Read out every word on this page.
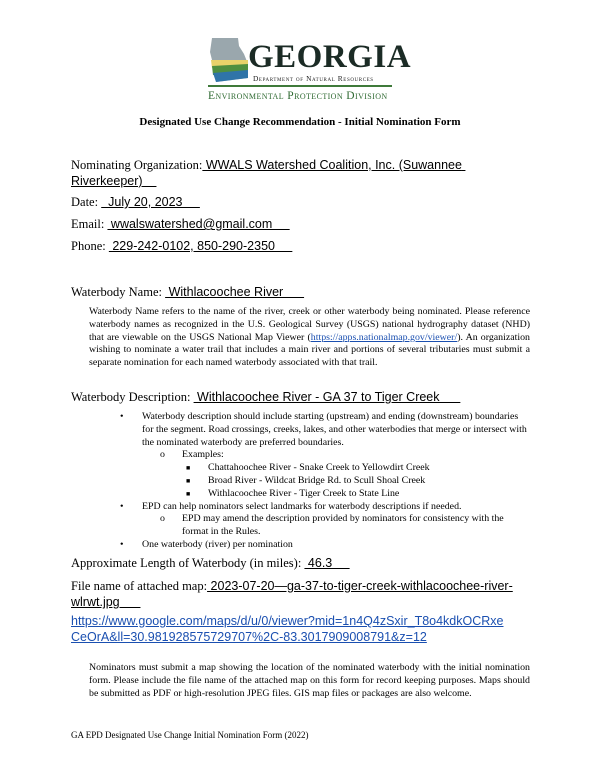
GEORGIA
Department of Natural Resources
Environmental Protection Division
Designated Use Change Recommendation - Initial Nomination Form
Nominating Organization: WWALS Watershed Coalition, Inc. (Suwannee Riverkeeper)
Date:   July 20, 2023
Email:  wwalswatershed@gmail.com
Phone:  229-242-0102, 850-290-2350
Waterbody Name:  Withlacoochee River
Waterbody Name refers to the name of the river, creek or other waterbody being nominated. Please reference waterbody names as recognized in the U.S. Geological Survey (USGS) national hydrography dataset (NHD) that are viewable on the USGS National Map Viewer (https://apps.nationalmap.gov/viewer/). An organization wishing to nominate a water trail that includes a main river and portions of several tributaries must submit a separate nomination for each named waterbody associated with that trail.
Waterbody Description:  Withlacoochee River - GA 37 to Tiger Creek
• Waterbody description should include starting (upstream) and ending (downstream) boundaries for the segment. Road crossings, creeks, lakes, and other waterbodies that merge or intersect with the nominated waterbody are preferred boundaries.
o Examples:
■ Chattahoochee River - Snake Creek to Yellowdirt Creek
■ Broad River - Wildcat Bridge Rd. to Scull Shoal Creek
■ Withlacoochee River - Tiger Creek to State Line
• EPD can help nominators select landmarks for waterbody descriptions if needed.
o EPD may amend the description provided by nominators for consistency with the format in the Rules.
• One waterbody (river) per nomination
Approximate Length of Waterbody (in miles):  46.3
File name of attached map: 2023-07-20—ga-37-to-tiger-creek-withlacoochee-river-wlrwt.jpg
https://www.google.com/maps/d/u/0/viewer?mid=1n4Q4zSxir_T8o4kdkOCRxeCeOrA&ll=30.981928575729707%2C-83.3017909008791&z=12
Nominators must submit a map showing the location of the nominated waterbody with the initial nomination form. Please include the file name of the attached map on this form for record keeping purposes. Maps should be submitted as PDF or high-resolution JPEG files. GIS map files or packages are also welcome.
GA EPD Designated Use Change Initial Nomination Form (2022)
